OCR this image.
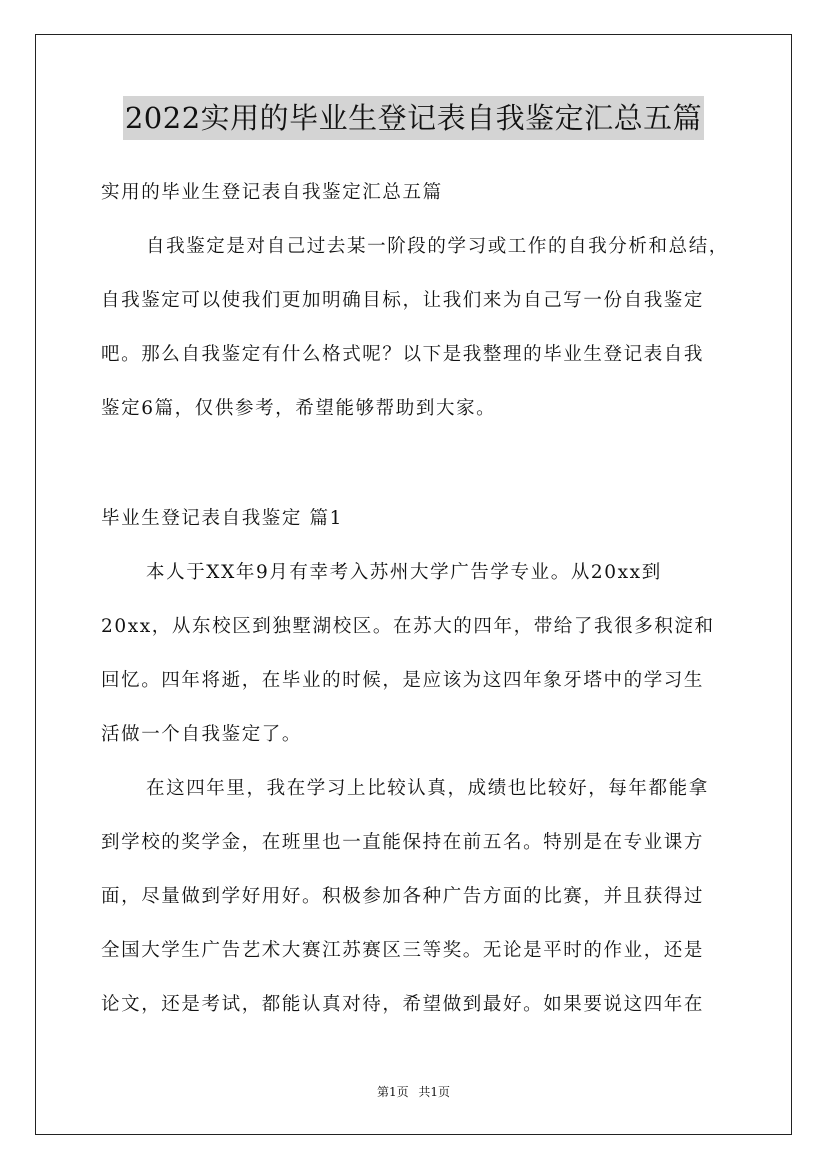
2022实用的毕业生登记表自我鉴定汇总五篇
实用的毕业生登记表自我鉴定汇总五篇
自我鉴定是对自己过去某一阶段的学习或工作的自我分析和总结，
自我鉴定可以使我们更加明确目标，让我们来为自己写一份自我鉴定
吧。那么自我鉴定有什么格式呢？以下是我整理的毕业生登记表自我
鉴定6篇，仅供参考，希望能够帮助到大家。
毕业生登记表自我鉴定 篇1
本人于XX年9月有幸考入苏州大学广告学专业。从20xx到
20xx，从东校区到独墅湖校区。在苏大的四年，带给了我很多积淀和
回忆。四年将逝，在毕业的时候，是应该为这四年象牙塔中的学习生
活做一个自我鉴定了。
在这四年里，我在学习上比较认真，成绩也比较好，每年都能拿
到学校的奖学金，在班里也一直能保持在前五名。特别是在专业课方
面，尽量做到学好用好。积极参加各种广告方面的比赛，并且获得过
全国大学生广告艺术大赛江苏赛区三等奖。无论是平时的作业，还是
论文，还是考试，都能认真对待，希望做到最好。如果要说这四年在
第1页 共1页
